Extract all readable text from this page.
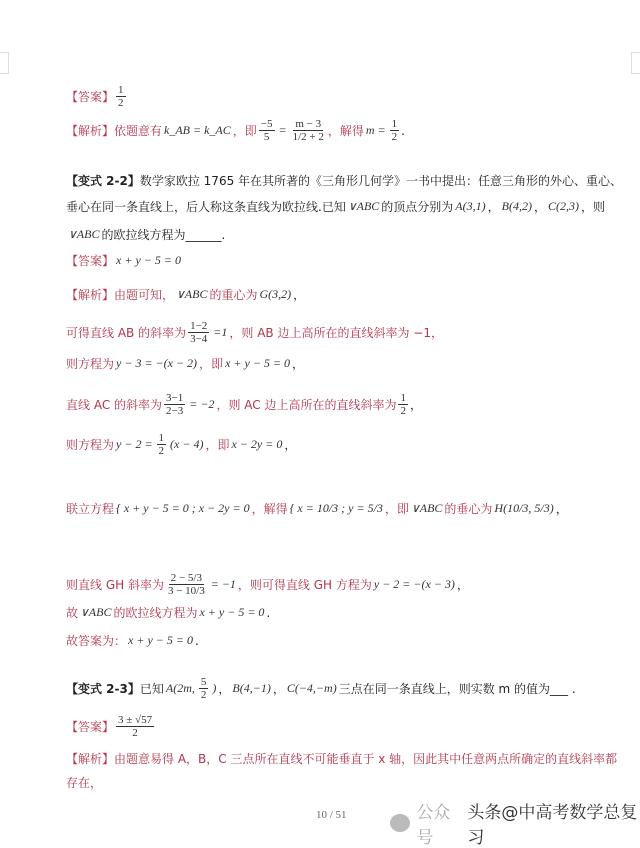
【答案】 $\frac{1}{2}$
【解析】依题意有 k_AB = k_AC ，即 $\frac{-5}{5} = \frac{m - 3}{1/2 + 2}$ ，解得 $m = \frac{1}{2}$ .
【变式 2-2】 数学家欧拉 1765 年在其所著的《三角形几何学》一书中提出：任意三角形的外心、重心、
垂心在同一条直线上，后人称这条直线为欧拉线.已知 ∨ABC 的顶点分别为 A(3,1) ， B(4,2) ， C(2,3) ，则
∨ABC 的欧拉线方程为______.
【答案】 x + y − 5 = 0
【解析】由题可知， ∨ABC 的重心为 G(3,2) ，
可得直线 AB 的斜率为 $\frac{1-2}{3-4} =1$ ，则 AB 边上高所在的直线斜率为 −1，
则方程为 y − 3 = −(x − 2) ，即 x + y − 5 = 0 ，
直线 AC 的斜率为 $\frac{3-1}{2-3} = -2$ ，则 AC 边上高所在的直线斜率为 $\frac{1}{2}$ ，
则方程为 $y - 2 = \frac{1}{2} (x - 4)$ ，即 x − 2y = 0 ，
联立方程 { x + y − 5 = 0 ; x − 2y = 0 ，解得 { x = 10/3 ; y = 5/3 ，即 ∨ABC 的垂心为 H(10/3, 5/3) ，
则直线 GH 斜率为 $\frac{2 - 5/3}{3 - 10/3} = -1$ ，则可得直线 GH 方程为 y − 2 = −(x − 3) ，
故 ∨ABC 的欧拉线方程为 x + y − 5 = 0 .
故答案为： x + y − 5 = 0 .
【变式 2-3】 已知 A(2m, $\frac{5}{2}$ ) ， B(4,−1) ， C(−4,−m) 三点在同一条直线上，则实数 m 的值为___ .
【答案】 $\frac{3 \pm √57}{2}$
【解析】由题意易得 A，B，C 三点所在直线不可能垂直于 x 轴，因此其中任意两点所确定的直线斜率都
存在，
10 / 51	公众号
头条@中高考数学总复习
